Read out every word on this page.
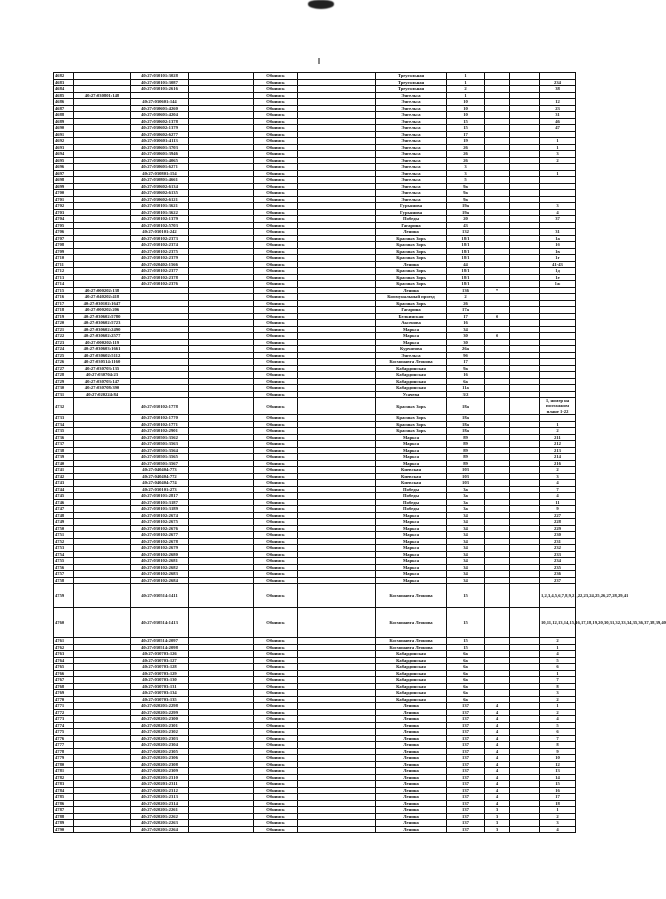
4682		40:27:030101:3028		Обнинск		Треугольная	1			
4683		40:27:030101:3087		Обнинск		Треугольная	1			234
4684		40:27:030101:2616		Обнинск		Треугольная	2			38
4685	40:27:030801:148			Обнинск		Энгельса	1			
4686		40:27:030601:144		Обнинск		Энгельса	10			12
4687		40:27:030601:4260		Обнинск		Энгельса	10			23
4688		40:27:030601:4204		Обнинск		Энгельса	10			31
4689		40:27:030602:1378		Обнинск		Энгельса	15			46
4690		40:27:030602:1379		Обнинск		Энгельса	15			47
4691		40:27:030602:6277		Обнинск		Энгельса	17			
4692		40:27:030601:4113		Обнинск		Энгельса	19			1
4693		40:27:030601:3703		Обнинск		Энгельса	26			1
4694		40:27:030601:3946		Обнинск		Энгельса	26			3
4695		40:27:030601:4065		Обнинск		Энгельса	26			2
4696		40:27:030601:6271		Обнинск		Энгельса	3			
4697		40:27:030801:154		Обнинск		Энгельса	3			1
4698		40:27:030801:4661		Обнинск		Энгельса	5			
4699		40:27:030602:6134		Обнинск		Энгельса	9а			
4700		40:27:030602:6135		Обнинск		Энгельса	9а			
4701		40:27:030602:6121		Обнинск		Энгельса	9а			
4702		40:27:030101:3621		Обнинск		Гурьянова	19а			3
4703		40:27:030101:3622		Обнинск		Гурьянова	19а			4
4704		40:27:030102:1379		Обнинск		Победы	20			37
4705		40:27:030102:5703		Обнинск		Гагарина	43			
4706		40:27:030101:242		Обнинск		Ленина	132			31
4707		40:27:030102:2373		Обнинск		Красных Зорь	18/1			1а
4708		40:27:030102:2374		Обнинск		Красных Зорь	18/1			1б
4709		40:27:030102:2375		Обнинск		Красных Зорь	18/1			1в
4710		40:27:030102:2379		Обнинск		Красных Зорь	18/1			1г
4711		40:27:020402:1566		Обнинск		Ленина	44			41-43
4712		40:27:030102:2377		Обнинск		Красных Зорь	18/1			1д
4713		40:27:030102:2378		Обнинск		Красных Зорь	18/1			1е
4714		40:27:030102:2376		Обнинск		Красных Зорь	18/1			1ж
4715	40:27:000202:138			Обнинск		Ленина	136	*		
4716	40:27:040202:418			Обнинск		Коммунальный проезд	2			
4717	40:27:030102:1647			Обнинск		Красных Зорь	26			
4718	40:27:000202:206			Обнинск		Гагарина	17а			
4719	40:27:030602:5780			Обнинск		Белкинская	17	б		
4720	40:27:030602:5723			Обнинск		Аксенова	16			
4721	40:27:030602:2490			Обнинск		Маркса	34			
4722	40:27:030602:2577			Обнинск		Маркса	30	б		
4723	40:27:000202:119			Обнинск		Маркса	30			
4724	40:27:030603:1661			Обнинск		Курчатова	26а			
4725	40:27:030602:5112			Обнинск		Энгельса	9б			
4726	40:27:030514:1160			Обнинск		Космонавта Леонова	17			
4727	40:27:030703:135			Обнинск		Кабардинская	9а			
4728	40:27:030704:23			Обнинск		Кабардинская	16			
4729	40:27:030703:147			Обнинск		Кабардинская	6а			
4730	40:27:030708:390			Обнинск		Кабардинская	11а			
4731	40:27:020224:84			Обнинск		Усачева	3/2			
4732		40:27:030102:1778		Обнинск		Красных Зорь	18а			1, номер на поэтажном плане 1-22
4733		40:27:030102:1770		Обнинск		Красных Зорь	18а			
4734		40:27:030102:1771		Обнинск		Красных Зорь	18а			1
4735		40:27:030102:2901		Обнинск		Красных Зорь	18а			2
4736		40:27:030501:3562		Обнинск		Маркса	89			211
4737		40:27:030501:3563		Обнинск		Маркса	89			212
4738		40:27:030501:3564		Обнинск		Маркса	89			213
4739		40:27:030501:3565		Обнинск		Маркса	89			214
4740		40:27:030501:3567		Обнинск		Маркса	89			216
4741		40:27:040404:773		Обнинск		Киевская	103			2
4742		40:27:040404:772		Обнинск		Киевская	103			3
4743		40:27:040404:774		Обнинск		Киевская	103			4
4744		40:27:030101:273		Обнинск		Победы	3а			7
4745		40:27:030101:2817		Обнинск		Победы	3а			4
4746		40:27:030101:3187		Обнинск		Победы	3а			11
4747		40:27:030101:3189		Обнинск		Победы	3а			9
4748		40:27:030102:2674		Обнинск		Маркса	34			227
4749		40:27:030102:2675		Обнинск		Маркса	34			228
4750		40:27:030102:2676		Обнинск		Маркса	34			229
4751		40:27:030102:2677		Обнинск		Маркса	34			230
4752		40:27:030102:2678		Обнинск		Маркса	34			231
4753		40:27:030102:2679		Обнинск		Маркса	34			232
4754		40:27:030102:2680		Обнинск		Маркса	34			233
4755		40:27:030102:2681		Обнинск		Маркса	34			234
4756		40:27:030102:2682		Обнинск		Маркса	34			235
4757		40:27:030102:2683		Обнинск		Маркса	34			236
4758		40:27:030102:2684		Обнинск		Маркса	34			237
4759		40:27:030514:1411		Обнинск		Космонавта Леонова	15			1,2,3,4,5,6,7,8,9,21,22,23,24,25,26,27,28,29,41
4760		40:27:030514:1413		Обнинск		Космонавта Леонова	15			10,11,12,13,14,15,16,17,18,19,20,30,31,32,33,34,35,36,37,38,39,40
4761		40:27:030514:2097		Обнинск		Космонавта Леонова	15			2
4762		40:27:030514:2098		Обнинск		Космонавта Леонова	15			1
4763		40:27:030703:126		Обнинск		Кабардинская	6а			4
4764		40:27:030703:127		Обнинск		Кабардинская	6а			5
4765		40:27:030703:128		Обнинск		Кабардинская	6а			6
4766		40:27:030703:129		Обнинск		Кабардинская	6а			1
4767		40:27:030703:130		Обнинск		Кабардинская	6а			7
4768		40:27:030703:131		Обнинск		Кабардинская	6а			8
4769		40:27:030703:134		Обнинск		Кабардинская	6а			3
4770		40:27:030703:135		Обнинск		Кабардинская	6а			2
4771		40:27:020201:2298		Обнинск		Ленина	137	4		1
4772		40:27:020201:2299		Обнинск		Ленина	137	4		2
4773		40:27:020201:2300		Обнинск		Ленина	137	4		4
4774		40:27:020201:2301		Обнинск		Ленина	137	4		5
4775		40:27:020201:2302		Обнинск		Ленина	137	4		6
4776		40:27:020201:2303		Обнинск		Ленина	137	4		7
4777		40:27:020201:2304		Обнинск		Ленина	137	4		8
4778		40:27:020201:2305		Обнинск		Ленина	137	4		9
4779		40:27:020201:2306		Обнинск		Ленина	137	4		10
4780		40:27:020201:2308		Обнинск		Ленина	137	4		12
4781		40:27:020201:2309		Обнинск		Ленина	137	4		13
4782		40:27:020201:2310		Обнинск		Ленина	137	4		14
4783		40:27:020201:2311		Обнинск		Ленина	137	4		15
4784		40:27:020201:2312		Обнинск		Ленина	137	4		16
4785		40:27:020201:2313		Обнинск		Ленина	137	4		17
4786		40:27:020201:2314		Обнинск		Ленина	137	4		18
4787		40:27:020201:2261		Обнинск		Ленина	137	3		1
4788		40:27:020201:2262		Обнинск		Ленина	137	3		2
4789		40:27:020201:2263		Обнинск		Ленина	137	3		3
4790		40:27:020201:2264		Обнинск		Ленина	137	3		4
